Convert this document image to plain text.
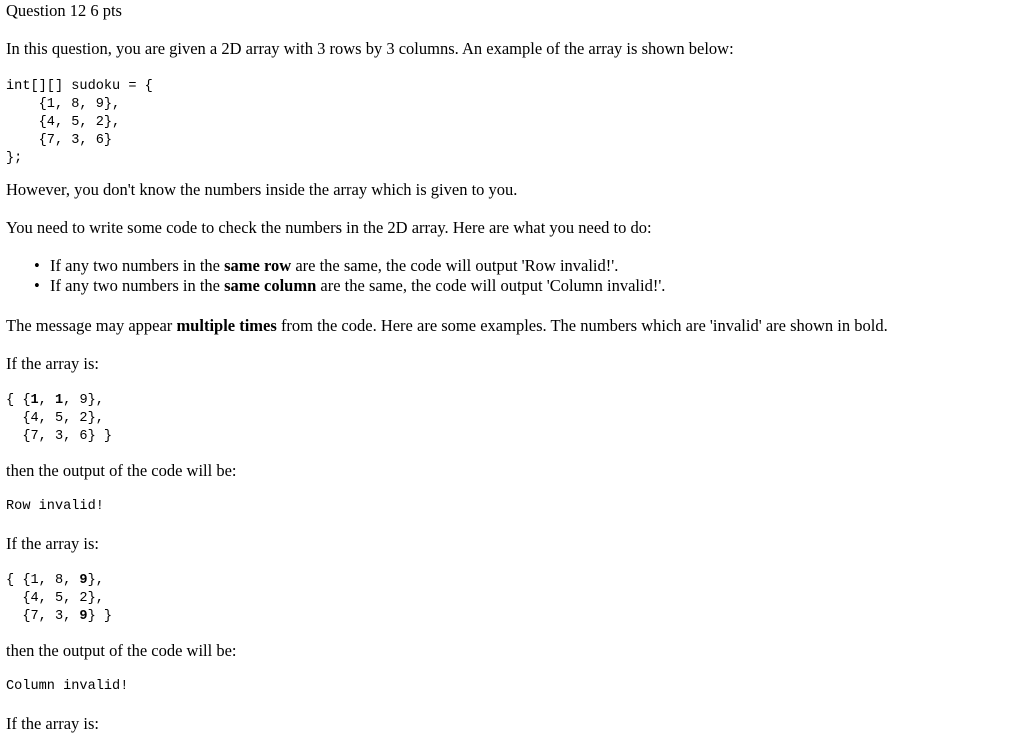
Question 12 6 pts
In this question, you are given a 2D array with 3 rows by 3 columns. An example of the array is shown below:
int[][] sudoku = {
{1, 8, 9},
{4, 5, 2},
{7, 3, 6}
};
However, you don't know the numbers inside the array which is given to you.
You need to write some code to check the numbers in the 2D array. Here are what you need to do:
• If any two numbers in the same row are the same, the code will output 'Row invalid!'.
• If any two numbers in the same column are the same, the code will output 'Column invalid!'.
The message may appear multiple times from the code. Here are some examples. The numbers which are 'invalid' are shown in bold.
If the array is:
{ {1, 1, 9},
{4, 5, 2},
{7, 3, 6} }
then the output of the code will be:
Row invalid!
If the array is:
{ {1, 8, 9},
{4, 5, 2},
{7, 3, 9} }
then the output of the code will be:
Column invalid!
If the array is:
